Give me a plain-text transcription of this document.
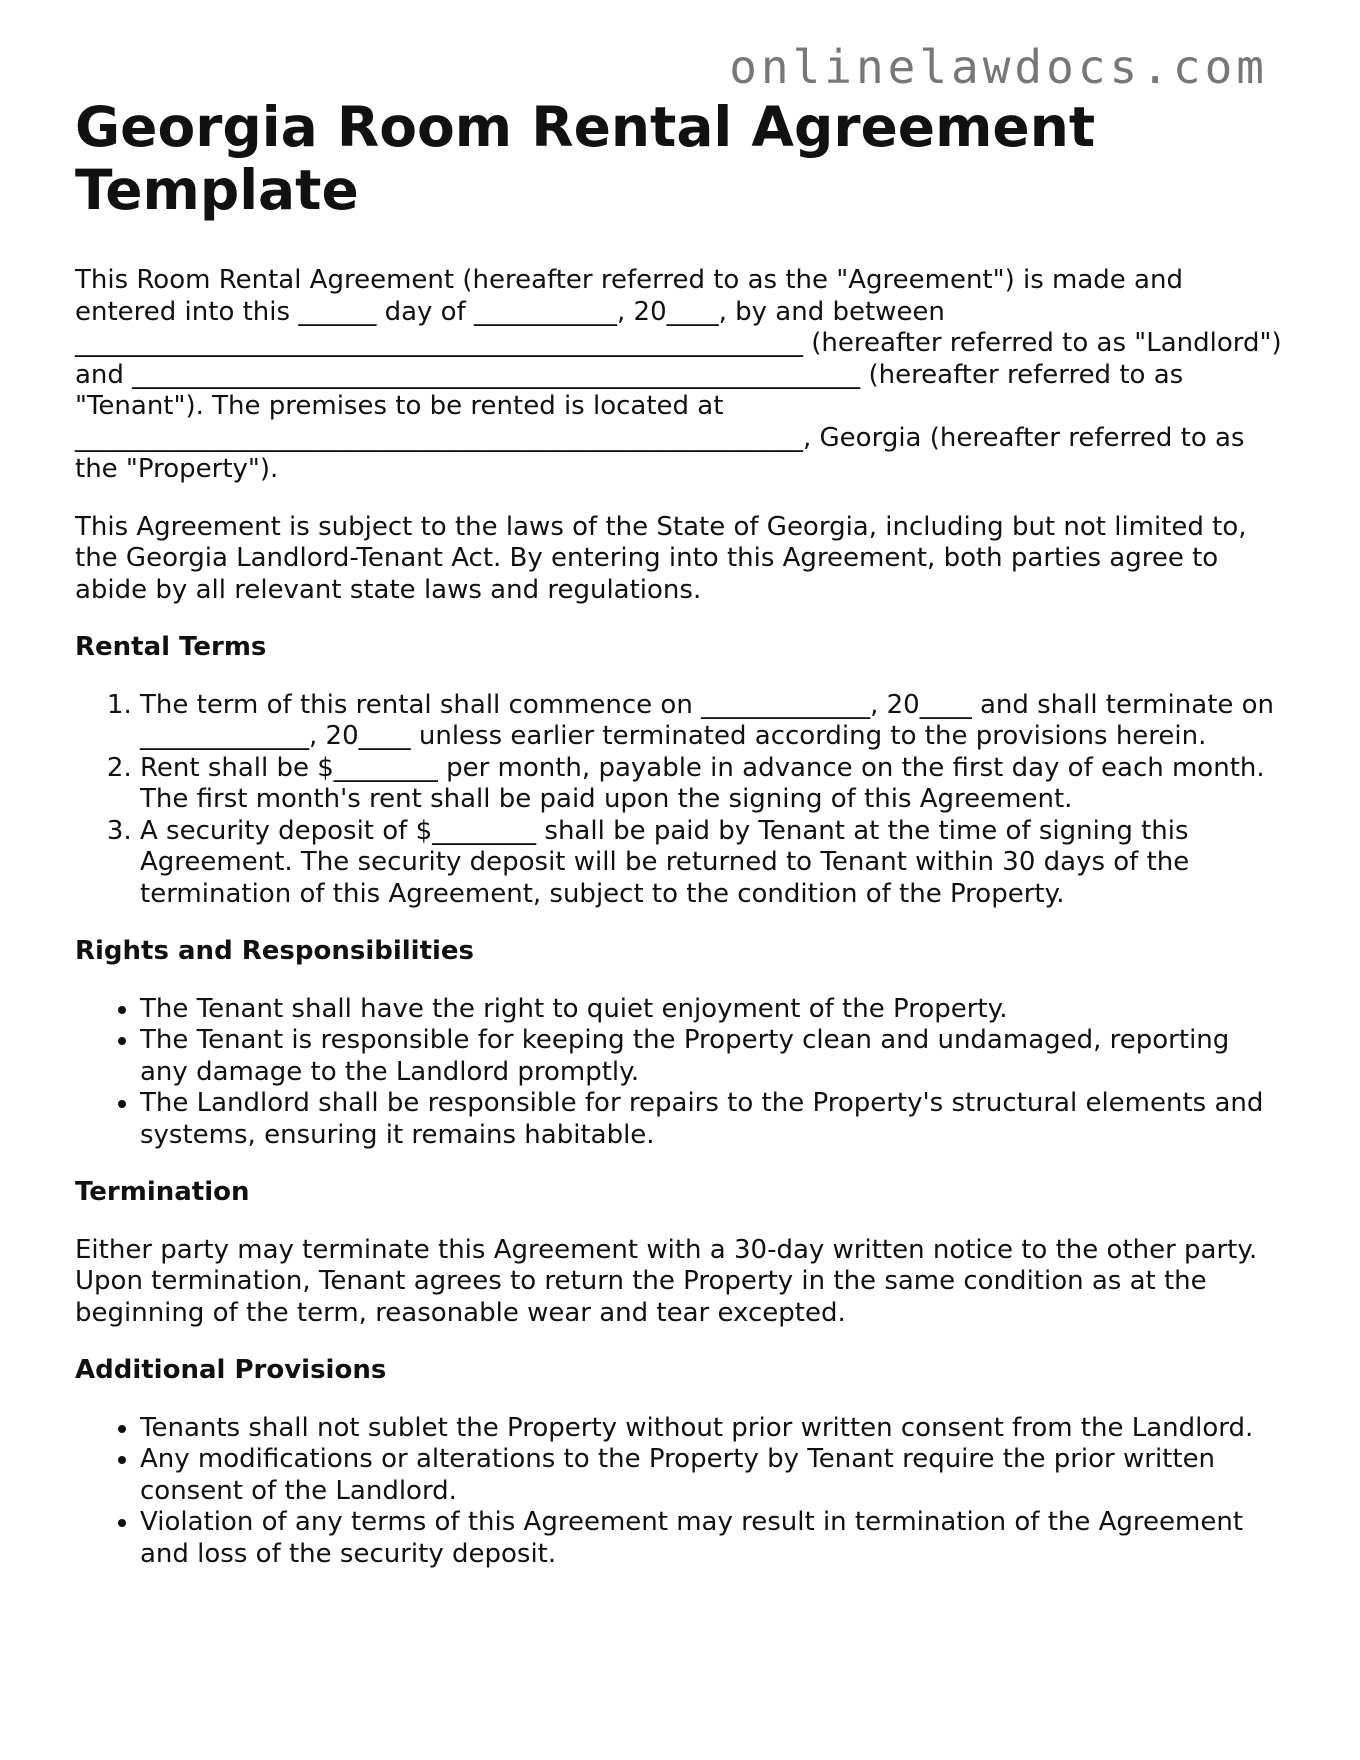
onlinelawdocs.com
Georgia Room Rental Agreement Template

This Room Rental Agreement (hereafter referred to as the "Agreement") is made and entered into this ______ day of ___________, 20____, by and between ________________________________________________________ (hereafter referred to as "Landlord") and ________________________________________________________ (hereafter referred to as "Tenant"). The premises to be rented is located at ________________________________________________________, Georgia (hereafter referred to as the "Property").

This Agreement is subject to the laws of the State of Georgia, including but not limited to, the Georgia Landlord-Tenant Act. By entering into this Agreement, both parties agree to abide by all relevant state laws and regulations.

Rental Terms
1. The term of this rental shall commence on _____________, 20____ and shall terminate on _____________, 20____ unless earlier terminated according to the provisions herein.
2. Rent shall be $________ per month, payable in advance on the first day of each month. The first month's rent shall be paid upon the signing of this Agreement.
3. A security deposit of $________ shall be paid by Tenant at the time of signing this Agreement. The security deposit will be returned to Tenant within 30 days of the termination of this Agreement, subject to the condition of the Property.
Rights and Responsibilities
• The Tenant shall have the right to quiet enjoyment of the Property.
• The Tenant is responsible for keeping the Property clean and undamaged, reporting any damage to the Landlord promptly.
• The Landlord shall be responsible for repairs to the Property's structural elements and systems, ensuring it remains habitable.
Termination

Either party may terminate this Agreement with a 30-day written notice to the other party. Upon termination, Tenant agrees to return the Property in the same condition as at the beginning of the term, reasonable wear and tear excepted.

Additional Provisions
• Tenants shall not sublet the Property without prior written consent from the Landlord.
• Any modifications or alterations to the Property by Tenant require the prior written consent of the Landlord.
• Violation of any terms of this Agreement may result in termination of the Agreement and loss of the security deposit.
